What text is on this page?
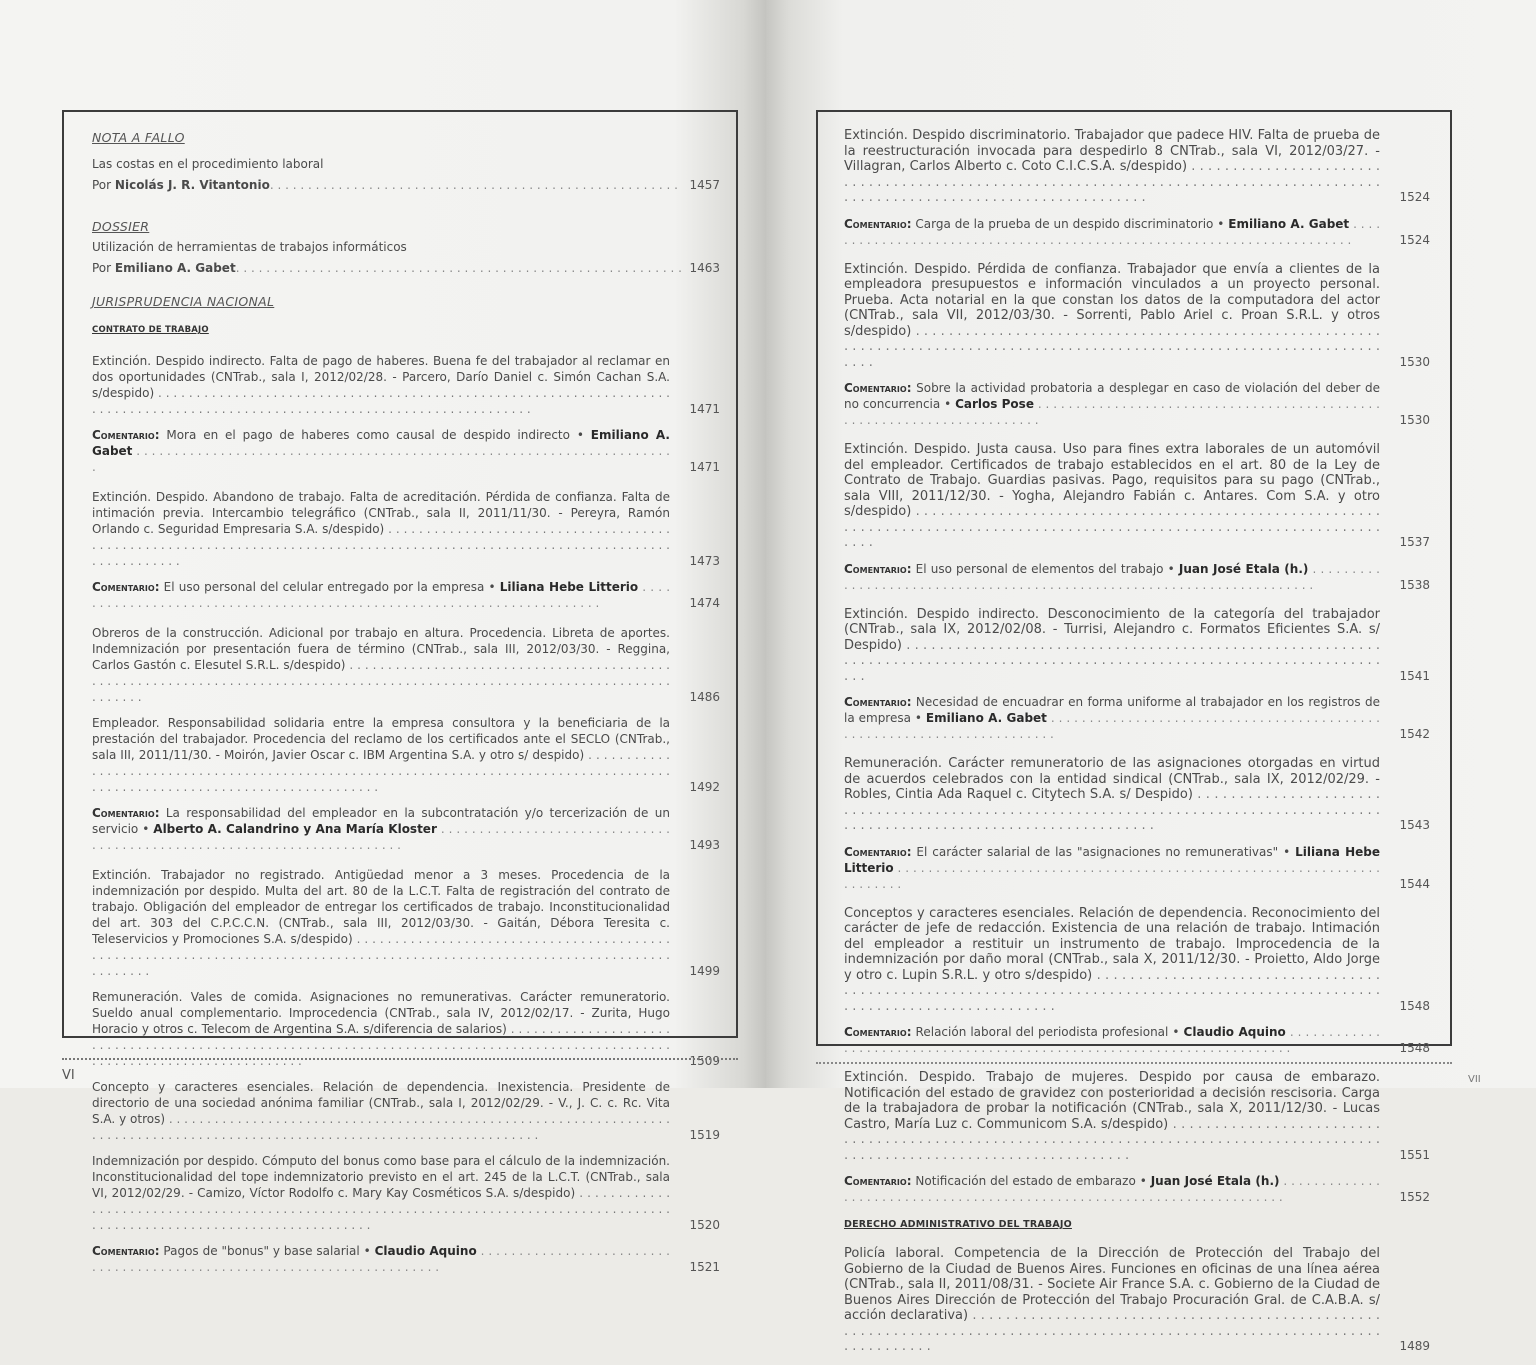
NOTA A FALLO
Las costas en el procedimiento laboral
Por
Nicolás J. R. Vitantonio . . .	1457
DOSSIER
Utilización de herramientas de trabajos informáticos
Por
Emiliano A. Gabet . . .	1463
JURISPRUDENCIA NACIONAL
CONTRATO DE TRABAJO
Extinción. Despido indirecto. Falta de pago de haberes. Buena fe del trabajador al reclamar en dos oportunidades (CNTrab., sala I, 2012/02/28. - Parcero, Darío Daniel c. Simón Cachan S.A. s/despido) . . .
1471
Comentario: Mora en el pago de haberes como causal de despido indirecto • Emiliano A. Gabet . . .
1471
Extinción. Despido. Abandono de trabajo. Falta de acreditación. Pérdida de confianza. Falta de intimación previa. Intercambio telegráfico (CNTrab., sala II, 2011/11/30. - Pereyra, Ramón Orlando c. Seguridad Empresaria S.A. s/despido) . . .
1473
Comentario: El uso personal del celular entregado por la empresa • Liliana Hebe Litterio . . .
1474
Obreros de la construcción. Adicional por trabajo en altura. Procedencia. Libreta de aportes. Indemnización por presentación fuera de término (CNTrab., sala III, 2012/03/30. - Reggina, Carlos Gastón c. Elesutel S.R.L. s/despido) . . .
1486
Empleador. Responsabilidad solidaria entre la empresa consultora y la beneficiaria de la prestación del trabajador. Procedencia del reclamo de los certificados ante el SECLO (CNTrab., sala III, 2011/11/30. - Moirón, Javier Oscar c. IBM Argentina S.A. y otro s/ despido) . . .
1492
Comentario: La responsabilidad del empleador en la subcontratación y/o tercerización de un servicio • Alberto A. Calandrino y Ana María Kloster . . .
1493
Extinción. Trabajador no registrado. Antigüedad menor a 3 meses. Procedencia de la indemnización por despido. Multa del art. 80 de la L.C.T. Falta de registración del contrato de trabajo. Obligación del empleador de entregar los certificados de trabajo. Inconstitucionalidad del art. 303 del C.P.C.C.N. (CNTrab., sala III, 2012/03/30. - Gaitán, Débora Teresita c. Teleservicios y Promociones S.A. s/despido) . . .
1499
Remuneración. Vales de comida. Asignaciones no remunerativas. Carácter remuneratorio. Sueldo anual complementario. Improcedencia (CNTrab., sala IV, 2012/02/17. - Zurita, Hugo Horacio y otros c. Telecom de Argentina S.A. s/diferencia de salarios) . . .
1509
Concepto y caracteres esenciales. Relación de dependencia. Inexistencia. Presidente de directorio de una sociedad anónima familiar (CNTrab., sala I, 2012/02/29. - V., J. C. c. Rc. Vita S.A. y otros) . . .
1519
Indemnización por despido. Cómputo del bonus como base para el cálculo de la indemnización. Inconstitucionalidad del tope indemnizatorio previsto en el art. 245 de la L.C.T. (CNTrab., sala VI, 2012/02/29. - Camizo, Víctor Rodolfo c. Mary Kay Cosméticos S.A. s/despido) . . .
1520
Comentario: Pagos de "bonus" y base salarial • Claudio Aquino . . .
1521
Extinción. Despido discriminatorio. Trabajador que padece HIV. Falta de prueba de la reestructuración invocada para despedirlo 8 CNTrab., sala VI, 2012/03/27. - Villagran, Carlos Alberto c. Coto C.I.C.S.A. s/despido) . . .
1524
Comentario: Carga de la prueba de un despido discriminatorio • Emiliano A. Gabet . . .
1524
Extinción. Despido. Pérdida de confianza. Trabajador que envía a clientes de la empleadora presupuestos e información vinculados a un proyecto personal. Prueba. Acta notarial en la que constan los datos de la computadora del actor (CNTrab., sala VII, 2012/03/30. - Sorrenti, Pablo Ariel c. Proan S.R.L. y otros s/despido) . . .
1530
Comentario: Sobre la actividad probatoria a desplegar en caso de violación del deber de no concurrencia • Carlos Pose . . .
1530
Extinción. Despido. Justa causa. Uso para fines extra laborales de un automóvil del empleador. Certificados de trabajo establecidos en el art. 80 de la Ley de Contrato de Trabajo. Guardias pasivas. Pago, requisitos para su pago (CNTrab., sala VIII, 2011/12/30. - Yogha, Alejandro Fabián c. Antares. Com S.A. y otro s/despido) . . .
1537
Comentario: El uso personal de elementos del trabajo • Juan José Etala (h.) . . .
1538
Extinción. Despido indirecto. Desconocimiento de la categoría del trabajador (CNTrab., sala IX, 2012/02/08. - Turrisi, Alejandro c. Formatos Eficientes S.A. s/ Despido) . . .
1541
Comentario: Necesidad de encuadrar en forma uniforme al trabajador en los registros de la empresa • Emiliano A. Gabet . . .
1542
Remuneración. Carácter remuneratorio de las asignaciones otorgadas en virtud de acuerdos celebrados con la entidad sindical (CNTrab., sala IX, 2012/02/29. - Robles, Cintia Ada Raquel c. Citytech S.A. s/ Despido) . . .
1543
Comentario: El carácter salarial de las "asignaciones no remunerativas" • Liliana Hebe Litterio . . .
1544
Conceptos y caracteres esenciales. Relación de dependencia. Reconocimiento del carácter de jefe de redacción. Existencia de una relación de trabajo. Intimación del empleador a restituir un instrumento de trabajo. Improcedencia de la indemnización por daño moral (CNTrab., sala X, 2011/12/30. - Proietto, Aldo Jorge y otro c. Lupin S.R.L. y otro s/despido) . . .
1548
Comentario: Relación laboral del periodista profesional • Claudio Aquino . . .
1548
Extinción. Despido. Trabajo de mujeres. Despido por causa de embarazo. Notificación del estado de gravidez con posterioridad a decisión rescisoria. Carga de la trabajadora de probar la notificación (CNTrab., sala X, 2011/12/30. - Lucas Castro, María Luz c. Communicom S.A. s/despido) . . .
1551
Comentario: Notificación del estado de embarazo • Juan José Etala (h.) . . .
1552
DERECHO ADMINISTRATIVO DEL TRABAJO
Policía laboral. Competencia de la Dirección de Protección del Trabajo del Gobierno de la Ciudad de Buenos Aires. Funciones en oficinas de una línea aérea (CNTrab., sala II, 2011/08/31. - Societe Air France S.A. c. Gobierno de la Ciudad de Buenos Aires Dirección de Protección del Trabajo Procuración Gral. de C.A.B.A. s/ acción declarativa) . . .
1489
VI	VII
